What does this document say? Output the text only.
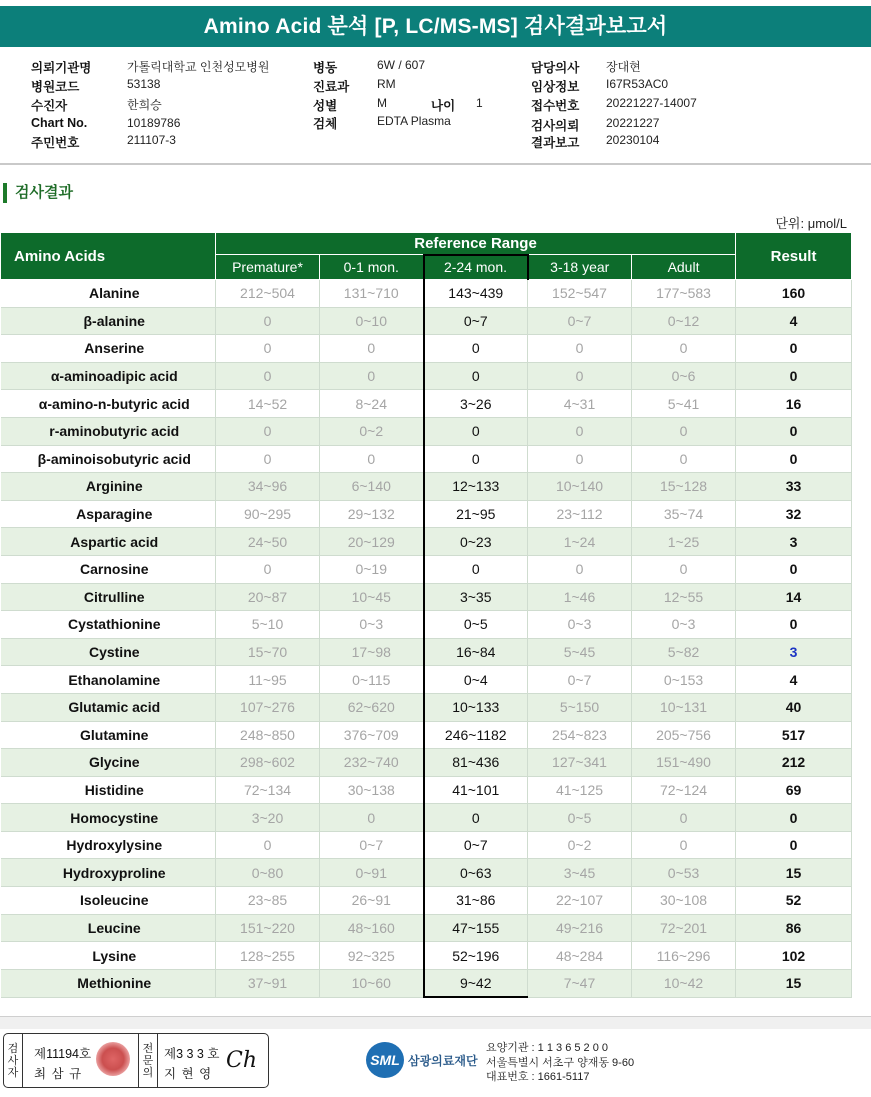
Amino Acid 분석 [P, LC/MS-MS] 검사결과보고서
의뢰기관명	가톨릭대학교 인천성모병원
병원코드	53138
수진자	한희승
Chart No.	10189786
주민번호	211107-3
병동	6W / 607
진료과 RM
성별	M	나이 1
검체	EDTA Plasma
담당의사 장대현
임상정보 I67R53AC0
접수번호 20221227-14007
검사의뢰 20221227
결과보고 20230104
검사결과
단위: μmol/L
Amino Acids	Reference Range					Result
	Premature*	0-1 mon.	2-24 mon.	3-18 year	Adult	
Alanine	212~504	131~710	143~439	152~547	177~583	160
β-alanine	0	0~10	0~7	0~7	0~12	4
Anserine	0	0	0	0	0	0
α-aminoadipic acid	0	0	0	0	0~6	0
α-amino-n-butyric acid	14~52	8~24	3~26	4~31	5~41	16
r-aminobutyric acid	0	0~2	0	0	0	0
β-aminoisobutyric acid	0	0	0	0	0	0
Arginine	34~96	6~140	12~133	10~140	15~128	33
Asparagine	90~295	29~132	21~95	23~112	35~74	32
Aspartic acid	24~50	20~129	0~23	1~24	1~25	3
Carnosine	0	0~19	0	0	0	0
Citrulline	20~87	10~45	3~35	1~46	12~55	14
Cystathionine	5~10	0~3	0~5	0~3	0~3	0
Cystine	15~70	17~98	16~84	5~45	5~82	3
Ethanolamine	11~95	0~115	0~4	0~7	0~153	4
Glutamic acid	107~276	62~620	10~133	5~150	10~131	40
Glutamine	248~850	376~709	246~1182	254~823	205~756	517
Glycine	298~602	232~740	81~436	127~341	151~490	212
Histidine	72~134	30~138	41~101	41~125	72~124	69
Homocystine	3~20	0	0	0~5	0	0
Hydroxylysine	0	0~7	0~7	0~2	0	0
Hydroxyproline	0~80	0~91	0~63	3~45	0~53	15
Isoleucine	23~85	26~91	31~86	22~107	30~108	52
Leucine	151~220	48~160	47~155	49~216	72~201	86
Lysine	128~255	92~325	52~196	48~284	116~296	102
Methionine	37~91	10~60	9~42	7~47	10~42	15
검
사
자
제11194호
최 삼 규
전
문
의
제3 3 3 호
지 현 영
Ch	SML 삼광의료재단
요양기관 : 1 1 3 6 5 2 0 0
서울특별시 서초구 양재동 9-60
대표번호 : 1661-5117
